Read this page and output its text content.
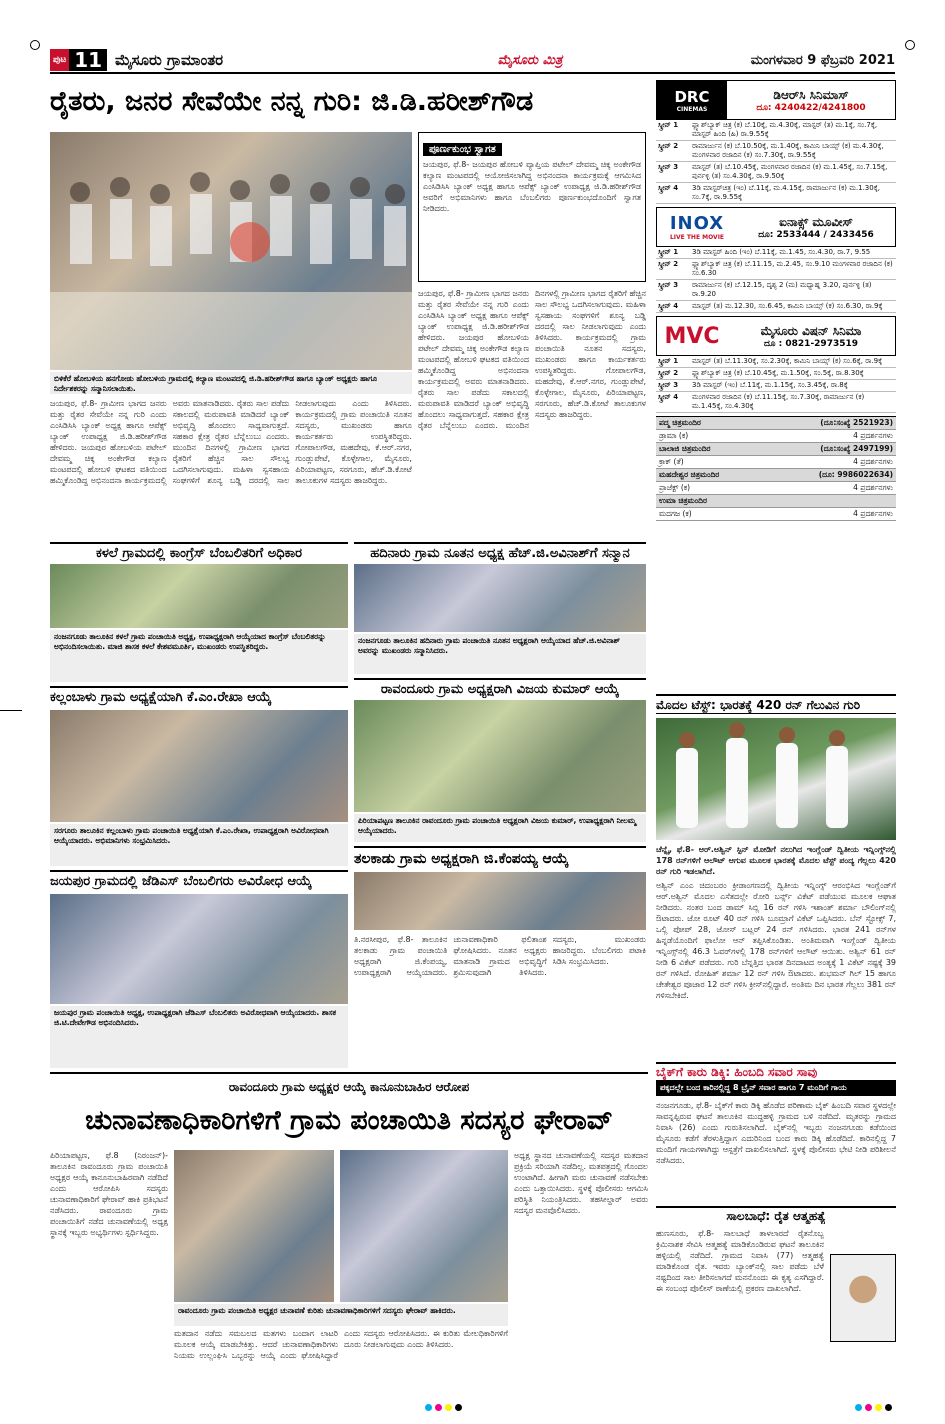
ಪುಟ 11 ಮೈಸೂರು ಗ್ರಾಮಾಂತರ	ಮೈಸೂರು ಮಿತ್ರ	ಮಂಗಳವಾರ 9 ಫೆಬ್ರವರಿ 2021
ರೈತರು, ಜನರ ಸೇವೆಯೇ ನನ್ನ ಗುರಿ: ಜಿ.ಡಿ.ಹರೀಶ್‌ಗೌಡ
ಬಿಳಿಕೆರೆ ಹೋಬಳಿಯ ಹನಗೋಡು ಹೋಬಳಿಯ ಗ್ರಾಮದಲ್ಲಿ ಕಲ್ಯಾಣ ಮಂಟಪದಲ್ಲಿ ಜಿ.ಡಿ.ಹರೀಶ್‌ಗೌಡ ಹಾಗೂ ಬ್ಯಾಂಕ್ ಅಧ್ಯಕ್ಷರು ಹಾಗೂ ನಿರ್ದೇಶಕರನ್ನು ಸನ್ಮಾನಿಸಲಾಯಿತು.
ಪೂರ್ಣಕುಂಭ ಸ್ವಾಗತ
ಜಯಪುರ, ಫೆ.8- ಜಯಪುರ ಹೋಬಳಿ ವ್ಯಾಪ್ತಿಯ ಪಟೇಲ್ ದೇವಮ್ಮ ಚಿಕ್ಕ ಅಂಕೇಗೌಡ ಕಲ್ಯಾಣ ಮಂಟಪದಲ್ಲಿ ಆಯೋಜಿಸಲಾಗಿದ್ದ ಅಭಿನಂದನಾ ಕಾರ್ಯಕ್ರಮಕ್ಕೆ ಆಗಮಿಸಿದ ಎಂಸಿಡಿಸಿಸಿ ಬ್ಯಾಂಕ್ ಅಧ್ಯಕ್ಷ ಹಾಗೂ ಆಪೆಕ್ಸ್ ಬ್ಯಾಂಕ್ ಉಪಾಧ್ಯಕ್ಷ ಜಿ.ಡಿ.ಹರೀಶ್‌ಗೌಡ ಅವರಿಗೆ ಅಭಿಮಾನಿಗಳು ಹಾಗೂ ಬೆಂಬಲಿಗರು ಪೂರ್ಣಕುಂಭದೊಂದಿಗೆ ಸ್ವಾಗತ ನೀಡಿದರು.
ಜಯಪುರ, ಫೆ.8- ಗ್ರಾಮೀಣ ಭಾಗದ ಜನರು ಮತ್ತು ರೈತರ ಸೇವೆಯೇ ನನ್ನ ಗುರಿ ಎಂದು ಎಂಸಿಡಿಸಿಸಿ ಬ್ಯಾಂಕ್ ಅಧ್ಯಕ್ಷ ಹಾಗೂ ಆಪೆಕ್ಸ್ ಬ್ಯಾಂಕ್ ಉಪಾಧ್ಯಕ್ಷ ಜಿ.ಡಿ.ಹರೀಶ್‌ಗೌಡ ಹೇಳಿದರು. ಜಯಪುರ ಹೋಬಳಿಯ ಪಟೇಲ್ ದೇವಮ್ಮ ಚಿಕ್ಕ ಅಂಕೇಗೌಡ ಕಲ್ಯಾಣ ಮಂಟಪದಲ್ಲಿ ಹೋಬಳಿ ಘಟಕದ ವತಿಯಿಂದ ಹಮ್ಮಿಕೊಂಡಿದ್ದ ಅಭಿನಂದನಾ ಕಾರ್ಯಕ್ರಮದಲ್ಲಿ ಅವರು ಮಾತನಾಡಿದರು. ರೈತರು ಸಾಲ ಪಡೆದು ಸಕಾಲದಲ್ಲಿ ಮರುಪಾವತಿ ಮಾಡಿದರೆ ಬ್ಯಾಂಕ್ ಅಭಿವೃದ್ಧಿ ಹೊಂದಲು ಸಾಧ್ಯವಾಗುತ್ತದೆ. ಸಹಕಾರ ಕ್ಷೇತ್ರ ರೈತರ ಬೆನ್ನೆಲುಬು ಎಂದರು. ಮುಂದಿನ ದಿನಗಳಲ್ಲಿ ಗ್ರಾಮೀಣ ಭಾಗದ ರೈತರಿಗೆ ಹೆಚ್ಚಿನ ಸಾಲ ಸೌಲಭ್ಯ ಒದಗಿಸಲಾಗುವುದು. ಮಹಿಳಾ ಸ್ವಸಹಾಯ ಸಂಘಗಳಿಗೆ ಶೂನ್ಯ ಬಡ್ಡಿ ದರದಲ್ಲಿ ಸಾಲ ನೀಡಲಾಗುವುದು ಎಂದು ತಿಳಿಸಿದರು. ಕಾರ್ಯಕ್ರಮದಲ್ಲಿ ಗ್ರಾಮ ಪಂಚಾಯಿತಿ ನೂತನ ಸದಸ್ಯರು, ಮುಖಂಡರು ಹಾಗೂ ಕಾರ್ಯಕರ್ತರು ಉಪಸ್ಥಿತರಿದ್ದರು. ಗೋಪಾಲಗೌಡ, ಮಹದೇವು, ಕೆ.ಆರ್.ನಗರ, ಗುಂಡ್ಲುಪೇಟೆ, ಕೊಳ್ಳೇಗಾಲ, ಮೈಸೂರು, ಪಿರಿಯಾಪಟ್ಟಣ, ಸರಗೂರು, ಹೆಚ್.ಡಿ.ಕೋಟೆ ತಾಲೂಕುಗಳ ಸದಸ್ಯರು ಹಾಜರಿದ್ದರು.
ಜಯಪುರ, ಫೆ.8- ಗ್ರಾಮೀಣ ಭಾಗದ ಜನರು ಮತ್ತು ರೈತರ ಸೇವೆಯೇ ನನ್ನ ಗುರಿ ಎಂದು ಎಂಸಿಡಿಸಿಸಿ ಬ್ಯಾಂಕ್ ಅಧ್ಯಕ್ಷ ಹಾಗೂ ಆಪೆಕ್ಸ್ ಬ್ಯಾಂಕ್ ಉಪಾಧ್ಯಕ್ಷ ಜಿ.ಡಿ.ಹರೀಶ್‌ಗೌಡ ಹೇಳಿದರು. ಜಯಪುರ ಹೋಬಳಿಯ ಪಟೇಲ್ ದೇವಮ್ಮ ಚಿಕ್ಕ ಅಂಕೇಗೌಡ ಕಲ್ಯಾಣ ಮಂಟಪದಲ್ಲಿ ಹೋಬಳಿ ಘಟಕದ ವತಿಯಿಂದ ಹಮ್ಮಿಕೊಂಡಿದ್ದ ಅಭಿನಂದನಾ ಕಾರ್ಯಕ್ರಮದಲ್ಲಿ ಅವರು ಮಾತನಾಡಿದರು. ರೈತರು ಸಾಲ ಪಡೆದು ಸಕಾಲದಲ್ಲಿ ಮರುಪಾವತಿ ಮಾಡಿದರೆ ಬ್ಯಾಂಕ್ ಅಭಿವೃದ್ಧಿ ಹೊಂದಲು ಸಾಧ್ಯವಾಗುತ್ತದೆ. ಸಹಕಾರ ಕ್ಷೇತ್ರ ರೈತರ ಬೆನ್ನೆಲುಬು ಎಂದರು. ಮುಂದಿನ ದಿನಗಳಲ್ಲಿ ಗ್ರಾಮೀಣ ಭಾಗದ ರೈತರಿಗೆ ಹೆಚ್ಚಿನ ಸಾಲ ಸೌಲಭ್ಯ ಒದಗಿಸಲಾಗುವುದು. ಮಹಿಳಾ ಸ್ವಸಹಾಯ ಸಂಘಗಳಿಗೆ ಶೂನ್ಯ ಬಡ್ಡಿ ದರದಲ್ಲಿ ಸಾಲ ನೀಡಲಾಗುವುದು ಎಂದು ತಿಳಿಸಿದರು. ಕಾರ್ಯಕ್ರಮದಲ್ಲಿ ಗ್ರಾಮ ಪಂಚಾಯಿತಿ ನೂತನ ಸದಸ್ಯರು, ಮುಖಂಡರು ಹಾಗೂ ಕಾರ್ಯಕರ್ತರು ಉಪಸ್ಥಿತರಿದ್ದರು. ಗೋಪಾಲಗೌಡ, ಮಹದೇವು, ಕೆ.ಆರ್.ನಗರ, ಗುಂಡ್ಲುಪೇಟೆ, ಕೊಳ್ಳೇಗಾಲ, ಮೈಸೂರು, ಪಿರಿಯಾಪಟ್ಟಣ, ಸರಗೂರು, ಹೆಚ್.ಡಿ.ಕೋಟೆ ತಾಲೂಕುಗಳ ಸದಸ್ಯರು ಹಾಜರಿದ್ದರು.
DRC
CINEMAS
ಡಿಆರ್‌ಸಿ ಸಿನಿಮಾಸ್
ದೂ: 4240422/4241800
ಸ್ಕ್ರೀನ್ 1	ಫ್ಲ್ಯಾಶ್‌ಬ್ಯಾಕ್ ಚಿತ್ರ (ಕ) ಬೆ.10ಕ್ಕೆ, ಮ.4.30ಕ್ಕೆ, ಮಾಸ್ಟರ್ (ತ) ಮ.1ಕ್ಕೆ, ಸಂ.7ಕ್ಕೆ, ಮಾಸ್ಟರ್ ಹಿಂದಿ (ಹಿ) ರಾ.9.55ಕ್ಕೆ
ಸ್ಕ್ರೀನ್ 2	ರಾಮಾರ್ಜುನ (ಕ) ಬೆ.10.50ಕ್ಕೆ, ಮ.1.40ಕ್ಕೆ, ಕಾಮಿನಿ ಬಾಯ್ಸ್ (ಕ) ಮ.4.30ಕ್ಕೆ, ಮಂಗಳವಾರ ರಜಾದಿನ (ಕ) ಸಂ.7.30ಕ್ಕೆ, ರಾ.9.55ಕ್ಕೆ
ಸ್ಕ್ರೀನ್ 3	ಮಾಸ್ಟರ್ (ತ) ಬೆ.10.45ಕ್ಕೆ, ಮಂಗಳವಾರ ರಜಾದಿನ (ಕ) ಮ.1.45ಕ್ಕೆ, ಸಂ.7.15ಕ್ಕೆ, ಪುರ್ನಳ್ಳಿ (ತ) ಸಂ.4.30ಕ್ಕೆ, ರಾ.9.50ಕ್ಕೆ
ಸ್ಕ್ರೀನ್ 4	3ಡಿ ಮಾಸ್ಟರ್‌ಚಿತ್ರ (ಇಂ) ಬೆ.11ಕ್ಕೆ, ಮ.4.15ಕ್ಕೆ, ರಾಮಾರ್ಜುನ (ಕ) ಮ.1.30ಕ್ಕೆ, ಸಂ.7ಕ್ಕೆ, ರಾ.9.55ಕ್ಕೆ
INOX
LIVE THE MOVIE
ಐನಾಕ್ಸ್ ಮೂವೀಸ್
ದೂ: 2533444 / 2433456
ಸ್ಕ್ರೀನ್ 1	3ಡಿ ಮಾಸ್ಟರ್ ಹಿಂದಿ (ಇಂ) ಬೆ.11ಕ್ಕೆ, ಮ.1.45, ಸಂ.4.30, ರಾ.7, 9.55
ಸ್ಕ್ರೀನ್ 2	ಫ್ಲ್ಯಾಶ್‌ಬ್ಯಾಕ್ ಚಿತ್ರ (ಕ) ಬೆ.11.15, ಮ.2.45, ಸಂ.9.10 ಮಂಗಳವಾರ ರಜಾದಿನ (ಕ) ಸಂ.6.30
ಸ್ಕ್ರೀನ್ 3	ರಾಮಾರ್ಜುನ (ಕ) ಬೆ.12.15, ದೃಶ್ಯ 2 (ಮ) ಮಧ್ಯಾಹ್ನ 3.20, ಪುರ್ನಳ್ಳಿ (ತ) ರಾ.9.20
ಸ್ಕ್ರೀನ್ 4	ಮಾಸ್ಟರ್ (ತ) ಮ.12.30, ಸಂ.6.45, ಕಾಮಿನಿ ಬಾಯ್ಸ್ (ಕ) ಸಂ.6.30, ರಾ.9ಕ್ಕೆ
MVC	ಮೈಸೂರು ವಿಷನ್ ಸಿನಿಮಾ
ದೂ : 0821-2973519
ಸ್ಕ್ರೀನ್ 1	ಮಾಸ್ಟರ್ (ತ) ಬೆ.11.30ಕ್ಕೆ, ಸಂ.2.30ಕ್ಕೆ, ಕಾಮಿನಿ ಬಾಯ್ಸ್ (ಕ) ಸಂ.6ಕ್ಕೆ, ರಾ.9ಕ್ಕೆ
ಸ್ಕ್ರೀನ್ 2	ಫ್ಲ್ಯಾಶ್‌ಬ್ಯಾಕ್ ಚಿತ್ರ (ಕ) ಬೆ.10.45ಕ್ಕೆ, ಮ.1.50ಕ್ಕೆ, ಸಂ.5ಕ್ಕೆ, ರಾ.8.30ಕ್ಕೆ
ಸ್ಕ್ರೀನ್ 3	3ಡಿ ಮಾಸ್ಟರ್ (ಇಂ) ಬೆ.11ಕ್ಕೆ, ಮ.1.15ಕ್ಕೆ, ಸಂ.3.45ಕ್ಕೆ, ರಾ.8ಕ್ಕೆ
ಸ್ಕ್ರೀನ್ 4	ಮಂಗಳವಾರ ರಜಾದಿನ (ಕ) ಬೆ.11.15ಕ್ಕೆ, ಸಂ.7.30ಕ್ಕೆ, ರಾಮಾರ್ಜುನ (ಕ) ಮ.1.45ಕ್ಕೆ, ಸಂ.4.30ಕ್ಕೆ
ಪದ್ಮ ಚಿತ್ರಮಂದಿರ	(ದೂ:ಸಂಖ್ಯೆ 2521923)
ಡ್ರಾಮಾ (ಕ)	4 ಪ್ರದರ್ಶನಗಳು
ಬಾಲಾಜಿ ಚಿತ್ರಮಂದಿರ	(ದೂ:ಸಂಖ್ಯೆ 2497199)
ಕ್ರಾಕ್ (ತೆ)	4 ಪ್ರದರ್ಶನಗಳು
ಮಹದೇಶ್ವರ ಚಿತ್ರಮಂದಿರ	(ದೂ: 9986022634)
ಪ್ರಾಜೆಕ್ಟ್ (ಕ)	4 ಪ್ರದರ್ಶನಗಳು
ಉಮಾ ಚಿತ್ರಮಂದಿರ
ಮದಗಜ (ಕ)	4 ಪ್ರದರ್ಶನಗಳು
ಮೊದಲ ಟೆಸ್ಟ್: ಭಾರತಕ್ಕೆ 420 ರನ್ ಗೆಲುವಿನ ಗುರಿ
ಚೆನ್ನೈ, ಫೆ.8- ಆರ್.ಅಶ್ವಿನ್ ಸ್ಪಿನ್ ಮೋಡಿಗೆ ನಲುಗಿದ ಇಂಗ್ಲೆಂಡ್ ದ್ವಿತೀಯ ಇನ್ನಿಂಗ್ಸ್‌ನಲ್ಲಿ 178 ರನ್‌ಗಳಿಗೆ ಆಲೌಟ್ ಆಗುವ ಮೂಲಕ ಭಾರತಕ್ಕೆ ಮೊದಲ ಟೆಸ್ಟ್ ಪಂದ್ಯ ಗೆಲ್ಲಲು 420 ರನ್ ಗುರಿ ಇಡಲಾಗಿದೆ.
ಅಶ್ವಿನ್ ಎಂಎ ಚಿದಂಬರಂ ಕ್ರೀಡಾಂಗಣದಲ್ಲಿ ದ್ವಿತೀಯ ಇನ್ನಿಂಗ್ಸ್ ಆರಂಭಿಸಿದ ಇಂಗ್ಲೆಂಡ್‌ಗೆ ಆರ್.ಅಶ್ವಿನ್ ಮೊದಲ ಎಸೆತದಲ್ಲೇ ರೋರಿ ಬರ್ನ್ಸ್ ವಿಕೆಟ್ ಪಡೆಯುವ ಮೂಲಕ ಆಘಾತ ನೀಡಿದರು. ನಂತರ ಬಂದ ಡಾಮ್ ಸಿಬ್ಲಿ 16 ರನ್ ಗಳಿಸಿ ಇಶಾಂತ್ ಶರ್ಮಾ ಬೌಲಿಂಗ್‌ನಲ್ಲಿ ಔಟಾದರು. ಜೋ ರೂಟ್ 40 ರನ್ ಗಳಿಸಿ ಬೂಮ್ರಾಗೆ ವಿಕೆಟ್ ಒಪ್ಪಿಸಿದರು. ಬೆನ್ ಸ್ಟೋಕ್ಸ್ 7, ಒಲ್ಲಿ ಪೋಪ್ 28, ಜೋಸ್ ಬಟ್ಲರ್ 24 ರನ್ ಗಳಿಸಿದರು. ಭಾರತ 241 ರನ್‌ಗಳ ಹಿನ್ನಡೆಯೊಂದಿಗೆ ಫಾಲೋ ಆನ್ ತಪ್ಪಿಸಿಕೊಂಡಿತು. ಅಂತಿಮವಾಗಿ ಇಂಗ್ಲೆಂಡ್ ದ್ವಿತೀಯ ಇನ್ನಿಂಗ್ಸ್‌ನಲ್ಲಿ 46.3 ಓವರ್‌ಗಳಲ್ಲಿ 178 ರನ್‌ಗಳಿಗೆ ಆಲೌಟ್ ಆಯಿತು. ಅಶ್ವಿನ್ 61 ರನ್ ನೀಡಿ 6 ವಿಕೆಟ್ ಪಡೆದರು. ಗುರಿ ಬೆನ್ನತ್ತಿದ ಭಾರತ ದಿನದಾಟದ ಅಂತ್ಯಕ್ಕೆ 1 ವಿಕೆಟ್ ನಷ್ಟಕ್ಕೆ 39 ರನ್ ಗಳಿಸಿದೆ. ರೋಹಿತ್ ಶರ್ಮಾ 12 ರನ್ ಗಳಿಸಿ ಔಟಾದರು. ಶುಭಮನ್ ಗಿಲ್ 15 ಹಾಗೂ ಚೇತೇಶ್ವರ ಪೂಜಾರ 12 ರನ್ ಗಳಿಸಿ ಕ್ರೀಸ್‌ನಲ್ಲಿದ್ದಾರೆ. ಅಂತಿಮ ದಿನ ಭಾರತ ಗೆಲ್ಲಲು 381 ರನ್ ಗಳಿಸಬೇಕಿದೆ.
ಬೈಕ್‌ಗೆ ಕಾರು ಡಿಕ್ಕಿ: ಹಿಂಬದಿ ಸವಾರ ಸಾವು
ಪಕ್ಕದಲ್ಲೇ ಬಂದ ಕಾರಿನಲ್ಲಿದ್ದ 8 ಬ್ರೈನ್ ಸವಾರ ಹಾಗೂ 7 ಮಂದಿಗೆ ಗಾಯ
ನಂಜನಗೂಡು, ಫೆ.8- ಬೈಕ್‌ಗೆ ಕಾರು ಡಿಕ್ಕಿ ಹೊಡೆದ ಪರಿಣಾಮ ಬೈಕ್ ಹಿಂಬದಿ ಸವಾರ ಸ್ಥಳದಲ್ಲೇ ಸಾವನ್ನಪ್ಪಿರುವ ಘಟನೆ ತಾಲೂಕಿನ ಮುದ್ದಹಳ್ಳಿ ಗ್ರಾಮದ ಬಳಿ ನಡೆದಿದೆ. ಮೃತರನ್ನು ಗ್ರಾಮದ ನಿವಾಸಿ (26) ಎಂದು ಗುರುತಿಸಲಾಗಿದೆ. ಬೈಕ್‌ನಲ್ಲಿ ಇಬ್ಬರು ನಂಜನಗೂಡು ಕಡೆಯಿಂದ ಮೈಸೂರು ಕಡೆಗೆ ತೆರಳುತ್ತಿದ್ದಾಗ ಎದುರಿನಿಂದ ಬಂದ ಕಾರು ಡಿಕ್ಕಿ ಹೊಡೆದಿದೆ. ಕಾರಿನಲ್ಲಿದ್ದ 7 ಮಂದಿಗೆ ಗಾಯಗಳಾಗಿದ್ದು ಆಸ್ಪತ್ರೆಗೆ ದಾಖಲಿಸಲಾಗಿದೆ. ಸ್ಥಳಕ್ಕೆ ಪೊಲೀಸರು ಭೇಟಿ ನೀಡಿ ಪರಿಶೀಲನೆ ನಡೆಸಿದರು.
ಸಾಲಬಾಧೆ: ರೈತ ಆತ್ಮಹತ್ಯೆ
ಹುಣಸೂರು, ಫೆ.8- ಸಾಲಬಾಧೆ ತಾಳಲಾರದೆ ರೈತನೊಬ್ಬ ಕ್ರಿಮಿನಾಶಕ ಸೇವಿಸಿ ಆತ್ಮಹತ್ಯೆ ಮಾಡಿಕೊಂಡಿರುವ ಘಟನೆ ತಾಲೂಕಿನ ಹಳ್ಳಿಯಲ್ಲಿ ನಡೆದಿದೆ. ಗ್ರಾಮದ ನಿವಾಸಿ (77) ಆತ್ಮಹತ್ಯೆ ಮಾಡಿಕೊಂಡ ರೈತ. ಇವರು ಬ್ಯಾಂಕ್‌ನಲ್ಲಿ ಸಾಲ ಪಡೆದು ಬೆಳೆ ನಷ್ಟದಿಂದ ಸಾಲ ತೀರಿಸಲಾಗದೆ ಮನನೊಂದು ಈ ಕೃತ್ಯ ಎಸಗಿದ್ದಾರೆ. ಈ ಸಂಬಂಧ ಪೊಲೀಸ್ ಠಾಣೆಯಲ್ಲಿ ಪ್ರಕರಣ ದಾಖಲಾಗಿದೆ.
ಕಳಲೆ ಗ್ರಾಮದಲ್ಲಿ ಕಾಂಗ್ರೆಸ್ ಬೆಂಬಲಿತರಿಗೆ ಅಧಿಕಾರ
ನಂಜನಗೂಡು ತಾಲೂಕಿನ ಕಳಲೆ ಗ್ರಾಮ ಪಂಚಾಯಿತಿ ಅಧ್ಯಕ್ಷ, ಉಪಾಧ್ಯಕ್ಷರಾಗಿ ಆಯ್ಕೆಯಾದ ಕಾಂಗ್ರೆಸ್ ಬೆಂಬಲಿತರನ್ನು ಅಭಿನಂದಿಸಲಾಯಿತು. ಮಾಜಿ ಶಾಸಕ ಕಳಲೆ ಕೇಶವಮೂರ್ತಿ, ಮುಖಂಡರು ಉಪಸ್ಥಿತರಿದ್ದರು.
ಹದಿನಾರು ಗ್ರಾಮ ನೂತನ ಅಧ್ಯಕ್ಷ ಹೆಚ್.ಜಿ.ಅವಿನಾಶ್‌ಗೆ ಸನ್ಮಾನ
ನಂಜನಗೂಡು ತಾಲೂಕಿನ ಹದಿನಾರು ಗ್ರಾಮ ಪಂಚಾಯಿತಿ ನೂತನ ಅಧ್ಯಕ್ಷರಾಗಿ ಆಯ್ಕೆಯಾದ ಹೆಚ್.ಜಿ.ಅವಿನಾಶ್ ಅವರನ್ನು ಮುಖಂಡರು ಸನ್ಮಾನಿಸಿದರು.
ಕಲ್ಲಂಬಾಳು ಗ್ರಾಮ ಅಧ್ಯಕ್ಷೆಯಾಗಿ ಕೆ.ಎಂ.ರೇಖಾ ಆಯ್ಕೆ
ಸರಗೂರು ತಾಲೂಕಿನ ಕಲ್ಲಂಬಾಳು ಗ್ರಾಮ ಪಂಚಾಯಿತಿ ಅಧ್ಯಕ್ಷೆಯಾಗಿ ಕೆ.ಎಂ.ರೇಖಾ, ಉಪಾಧ್ಯಕ್ಷರಾಗಿ ಅವಿರೋಧವಾಗಿ ಆಯ್ಕೆಯಾದರು. ಅಭಿಮಾನಿಗಳು ಸಂಭ್ರಮಿಸಿದರು.
ರಾವಂದೂರು ಗ್ರಾಮ ಅಧ್ಯಕ್ಷರಾಗಿ ವಿಜಯ ಕುಮಾರ್ ಆಯ್ಕೆ
ಪಿರಿಯಾಪಟ್ಟಣ ತಾಲೂಕಿನ ರಾವಂದೂರು ಗ್ರಾಮ ಪಂಚಾಯಿತಿ ಅಧ್ಯಕ್ಷರಾಗಿ ವಿಜಯ ಕುಮಾರ್, ಉಪಾಧ್ಯಕ್ಷರಾಗಿ ನೀಲಮ್ಮ ಆಯ್ಕೆಯಾದರು.
ಜಯಪುರ ಗ್ರಾಮದಲ್ಲಿ ಜೆಡಿಎಸ್ ಬೆಂಬಲಿಗರು ಅವಿರೋಧ ಆಯ್ಕೆ
ಜಯಪುರ ಗ್ರಾಮ ಪಂಚಾಯಿತಿ ಅಧ್ಯಕ್ಷ, ಉಪಾಧ್ಯಕ್ಷರಾಗಿ ಜೆಡಿಎಸ್ ಬೆಂಬಲಿತರು ಅವಿರೋಧವಾಗಿ ಆಯ್ಕೆಯಾದರು. ಶಾಸಕ ಜಿ.ಟಿ.ದೇವೇಗೌಡ ಅಭಿನಂದಿಸಿದರು.
ತಲಕಾಡು ಗ್ರಾಮ ಅಧ್ಯಕ್ಷರಾಗಿ ಜಿ.ಕೆಂಪಯ್ಯ ಆಯ್ಕೆ
ತಿ.ನರಸೀಪುರ, ಫೆ.8- ತಾಲೂಕಿನ ತಲಕಾಡು ಗ್ರಾಮ ಪಂಚಾಯಿತಿ ಅಧ್ಯಕ್ಷರಾಗಿ ಜಿ.ಕೆಂಪಯ್ಯ, ಉಪಾಧ್ಯಕ್ಷರಾಗಿ ಆಯ್ಕೆಯಾದರು. ಚುನಾವಣಾಧಿಕಾರಿ ಫಲಿತಾಂಶ ಘೋಷಿಸಿದರು. ನೂತನ ಅಧ್ಯಕ್ಷರು ಮಾತನಾಡಿ ಗ್ರಾಮದ ಅಭಿವೃದ್ಧಿಗೆ ಶ್ರಮಿಸುವುದಾಗಿ ತಿಳಿಸಿದರು. ಸದಸ್ಯರು, ಮುಖಂಡರು ಹಾಜರಿದ್ದರು. ಬೆಂಬಲಿಗರು ಪಟಾಕಿ ಸಿಡಿಸಿ ಸಂಭ್ರಮಿಸಿದರು.
ರಾವಂದೂರು ಗ್ರಾಮ ಅಧ್ಯಕ್ಷರ ಆಯ್ಕೆ ಕಾನೂನುಬಾಹಿರ ಆರೋಪ
ಚುನಾವಣಾಧಿಕಾರಿಗಳಿಗೆ ಗ್ರಾಮ ಪಂಚಾಯಿತಿ ಸದಸ್ಯರ ಘೇರಾವ್
ಪಿರಿಯಾಪಟ್ಟಣ, ಫೆ.8 (ನಿರಂಜನ್)- ತಾಲೂಕಿನ ರಾವಂದೂರು ಗ್ರಾಮ ಪಂಚಾಯಿತಿ ಅಧ್ಯಕ್ಷರ ಆಯ್ಕೆ ಕಾನೂನುಬಾಹಿರವಾಗಿ ನಡೆದಿದೆ ಎಂದು ಆರೋಪಿಸಿ ಸದಸ್ಯರು ಚುನಾವಣಾಧಿಕಾರಿಗೆ ಘೇರಾವ್ ಹಾಕಿ ಪ್ರತಿಭಟನೆ ನಡೆಸಿದರು. ರಾವಂದೂರು ಗ್ರಾಮ ಪಂಚಾಯಿತಿಗೆ ನಡೆದ ಚುನಾವಣೆಯಲ್ಲಿ ಅಧ್ಯಕ್ಷ ಸ್ಥಾನಕ್ಕೆ ಇಬ್ಬರು ಅಭ್ಯರ್ಥಿಗಳು ಸ್ಪರ್ಧಿಸಿದ್ದರು.
ರಾವಂದೂರು ಗ್ರಾಮ ಪಂಚಾಯಿತಿ ಅಧ್ಯಕ್ಷರ ಚುನಾವಣೆ ಕುರಿತು ಚುನಾವಣಾಧಿಕಾರಿಗಳಿಗೆ ಸದಸ್ಯರು ಘೇರಾವ್ ಹಾಕಿದರು.
ಮತದಾನ ನಡೆದು ಸಮಬಲದ ಮತಗಳು ಬಂದಾಗ ಲಾಟರಿ ಮೂಲಕ ಆಯ್ಕೆ ಮಾಡಬೇಕಿತ್ತು. ಆದರೆ ಚುನಾವಣಾಧಿಕಾರಿಗಳು ನಿಯಮ ಉಲ್ಲಂಘಿಸಿ ಒಬ್ಬರನ್ನು ಆಯ್ಕೆ ಎಂದು ಘೋಷಿಸಿದ್ದಾರೆ ಎಂದು ಸದಸ್ಯರು ಆರೋಪಿಸಿದರು. ಈ ಕುರಿತು ಮೇಲಧಿಕಾರಿಗಳಿಗೆ ದೂರು ನೀಡಲಾಗುವುದು ಎಂದು ತಿಳಿಸಿದರು.
ಅಧ್ಯಕ್ಷ ಸ್ಥಾನದ ಚುನಾವಣೆಯಲ್ಲಿ ಸದಸ್ಯರ ಮತದಾನ ಪ್ರಕ್ರಿಯೆ ಸರಿಯಾಗಿ ನಡೆದಿಲ್ಲ. ಮತಪತ್ರದಲ್ಲಿ ಗೊಂದಲ ಉಂಟಾಗಿದೆ. ಹೀಗಾಗಿ ಮರು ಚುನಾವಣೆ ನಡೆಸಬೇಕು ಎಂದು ಒತ್ತಾಯಿಸಿದರು. ಸ್ಥಳಕ್ಕೆ ಪೊಲೀಸರು ಆಗಮಿಸಿ ಪರಿಸ್ಥಿತಿ ನಿಯಂತ್ರಿಸಿದರು. ತಹಸೀಲ್ದಾರ್ ಅವರು ಸದಸ್ಯರ ಮನವೊಲಿಸಿದರು.
